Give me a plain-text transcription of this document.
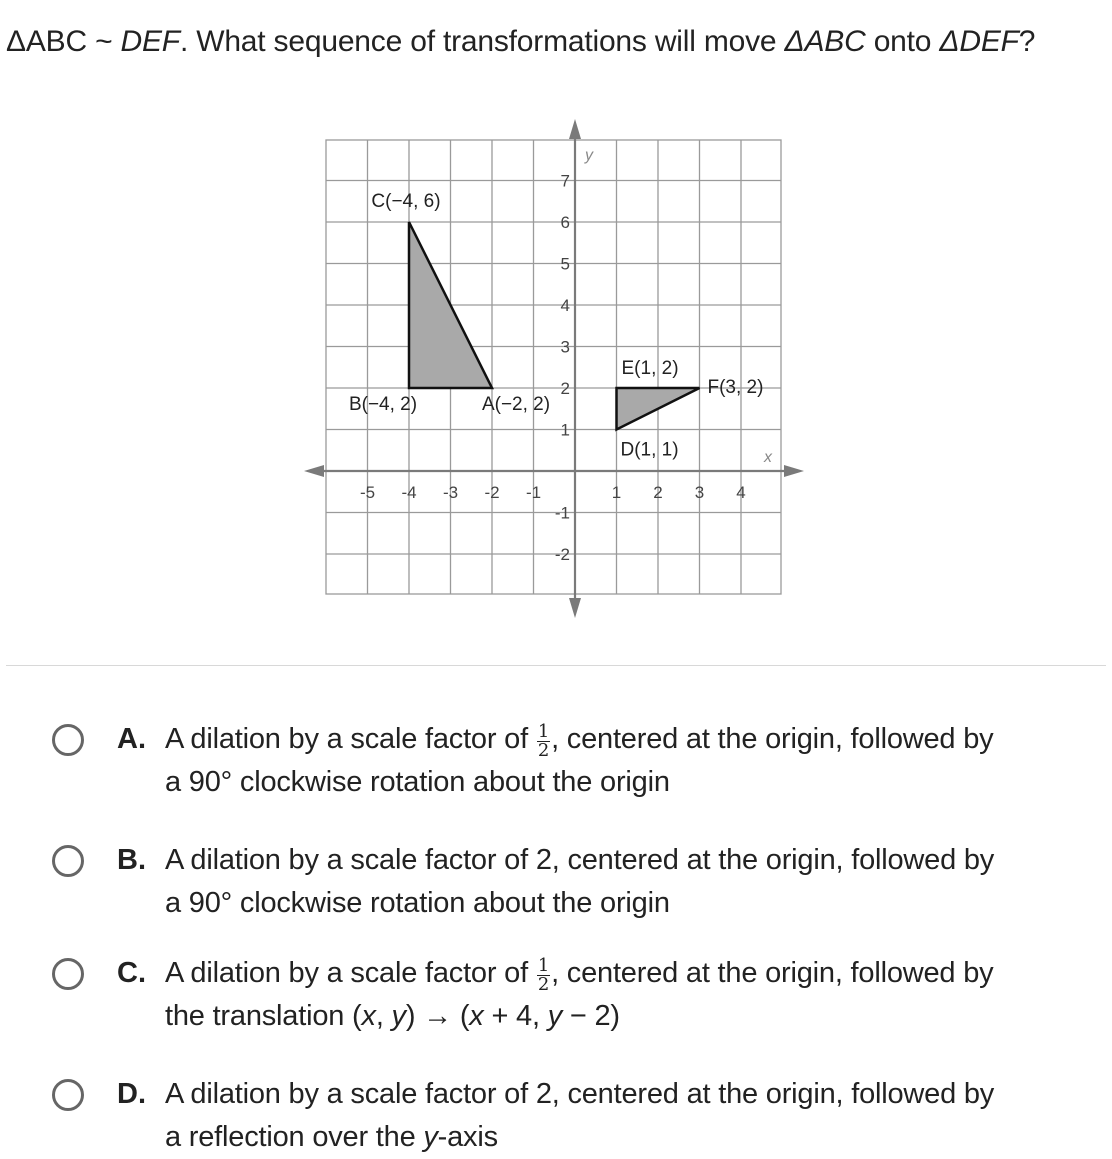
ΔABC ~ DEF. What sequence of transformations will move ΔABC onto ΔDEF?
x
y
-5 -4 -3 -2 -1	1 2 3 4
7
6
5
4
3
2
1
-1
-2
C(−4, 6)
B(−4, 2)	A(−2, 2)
E(1, 2)
F(3, 2)
D(1, 1)
A. A dilation by a scale factor of $\frac{1}{2}$ , centered at the origin, followed by
a 90° clockwise rotation about the origin
B. A dilation by a scale factor of 2, centered at the origin, followed by
a 90° clockwise rotation about the origin
C. A dilation by a scale factor of $\frac{1}{2}$ , centered at the origin, followed by
the translation (x, y) → (x + 4, y − 2)
D. A dilation by a scale factor of 2, centered at the origin, followed by
a reflection over the y-axis
